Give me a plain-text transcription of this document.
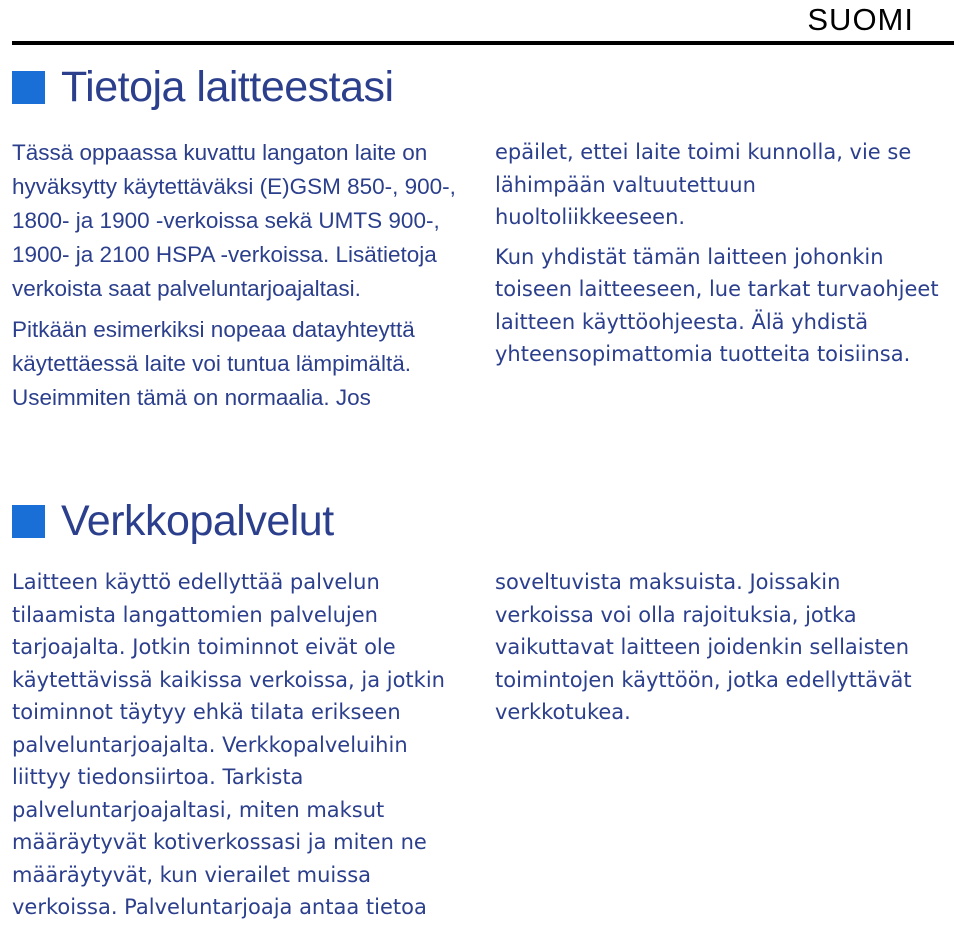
SUOMI
Tietoja laitteestasi

Tässä oppaassa kuvattu langaton laite on hyväksytty käytettäväksi (E)GSM 850-, 900-, 1800- ja 1900 -verkoissa sekä UMTS 900-, 1900- ja 2100 HSPA -verkoissa. Lisätietoja verkoista saat palveluntarjoajaltasi.

Pitkään esimerkiksi nopeaa datayhteyttä käytettäessä laite voi tuntua lämpimältä. Useimmiten tämä on normaalia. Jos

epäilet, ettei laite toimi kunnolla, vie se lähimpään valtuutettuun huoltoliikkeeseen.

Kun yhdistät tämän laitteen johonkin toiseen laitteeseen, lue tarkat turvaohjeet laitteen käyttöohjeesta. Älä yhdistä yhteensopimattomia tuotteita toisiinsa.

Verkkopalvelut

Laitteen käyttö edellyttää palvelun tilaamista langattomien palvelujen tarjoajalta. Jotkin toiminnot eivät ole käytettävissä kaikissa verkoissa, ja jotkin toiminnot täytyy ehkä tilata erikseen palveluntarjoajalta. Verkkopalveluihin liittyy tiedonsiirtoa. Tarkista palveluntarjoajaltasi, miten maksut määräytyvät kotiverkossasi ja miten ne määräytyvät, kun vierailet muissa verkoissa. Palveluntarjoaja antaa tietoa

soveltuvista maksuista. Joissakin verkoissa voi olla rajoituksia, jotka vaikuttavat laitteen joidenkin sellaisten toimintojen käyttöön, jotka edellyttävät verkkotukea.
